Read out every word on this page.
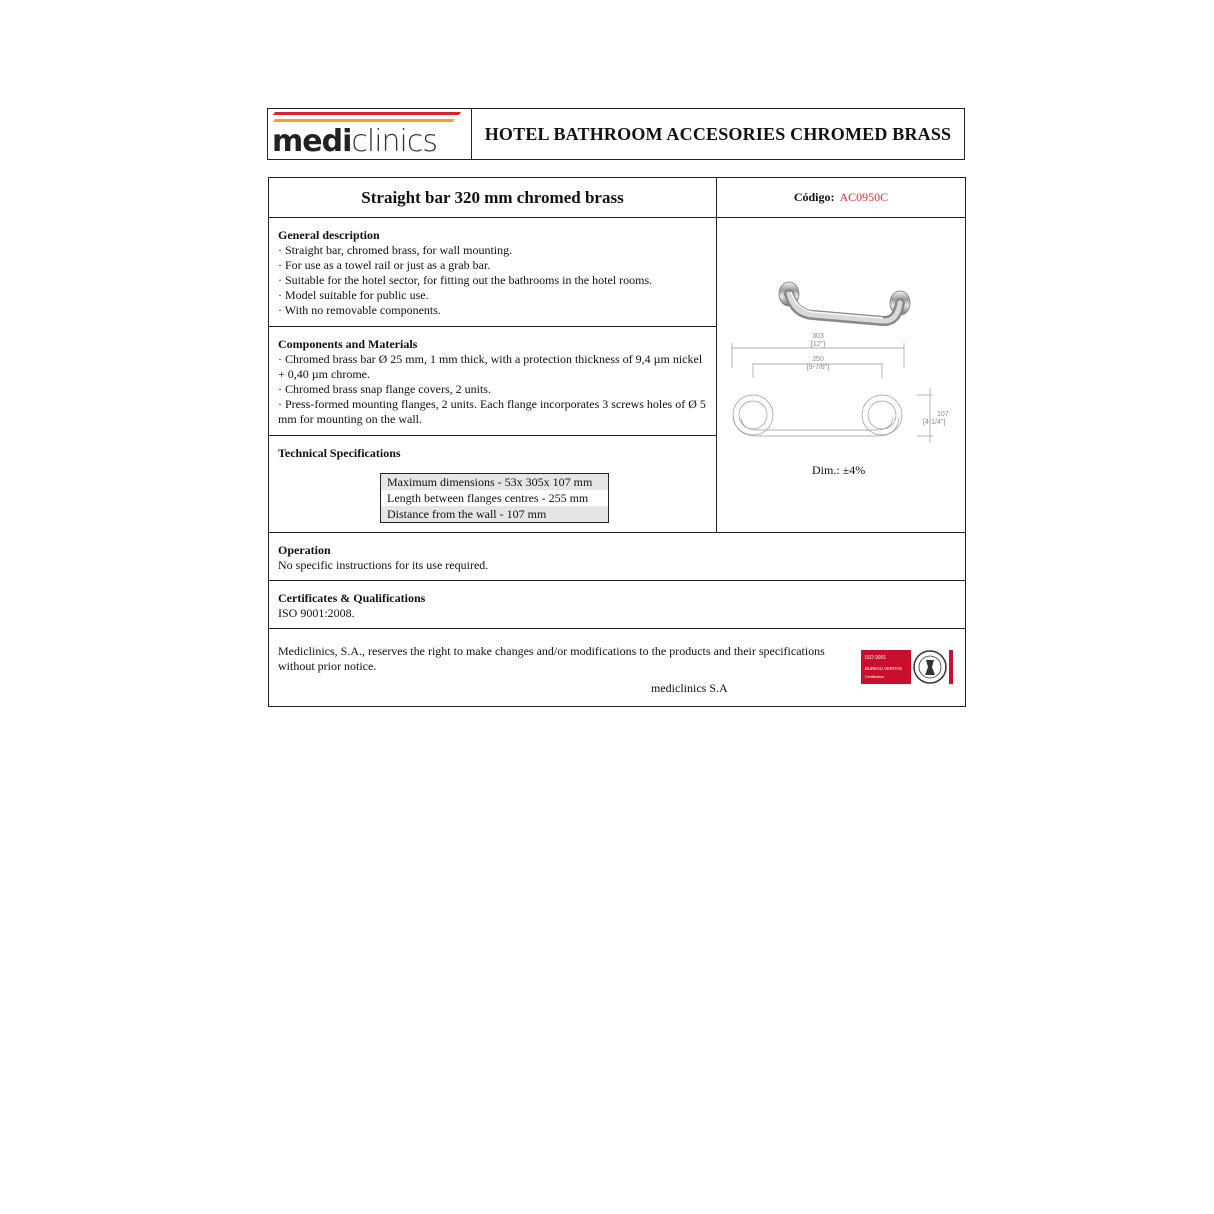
mediclinics	HOTEL BATHROOM ACCESORIES CHROMED BRASS
Straight bar 320 mm chromed brass	Código: AC0950C
General description

· Straight bar, chromed brass, for wall mounting.

· For use as a towel rail or just as a grab bar.

· Suitable for the hotel sector, for fitting out the bathrooms in the hotel rooms.

· Model suitable for public use.

· With no removable components.

Components and Materials

· Chromed brass bar Ø 25 mm, 1 mm thick, with a protection thickness of 9,4 µm nickel + 0,40 µm chrome.

· Chromed brass snap flange covers, 2 units.

· Press-formed mounting flanges, 2 units. Each flange incorporates 3 screws holes of Ø 5 mm for mounting on the wall.

Technical Specifications
Maximum dimensions - 53x 305x 107 mm
Length between flanges centres - 255 mm
Distance from the wall - 107 mm
303
[12"]
250
[9-7/8"]
107
[4-1/4"]
Dim.: ±4%
Operation

No specific instructions for its use required.

Certificates & Qualifications

ISO 9001:2008.

Mediclinics, S.A., reserves the right to make changes and/or modifications to the products and their specifications without prior notice.

mediclinics S.A
ISO 9001
BUREAU VERITAS
Certification
